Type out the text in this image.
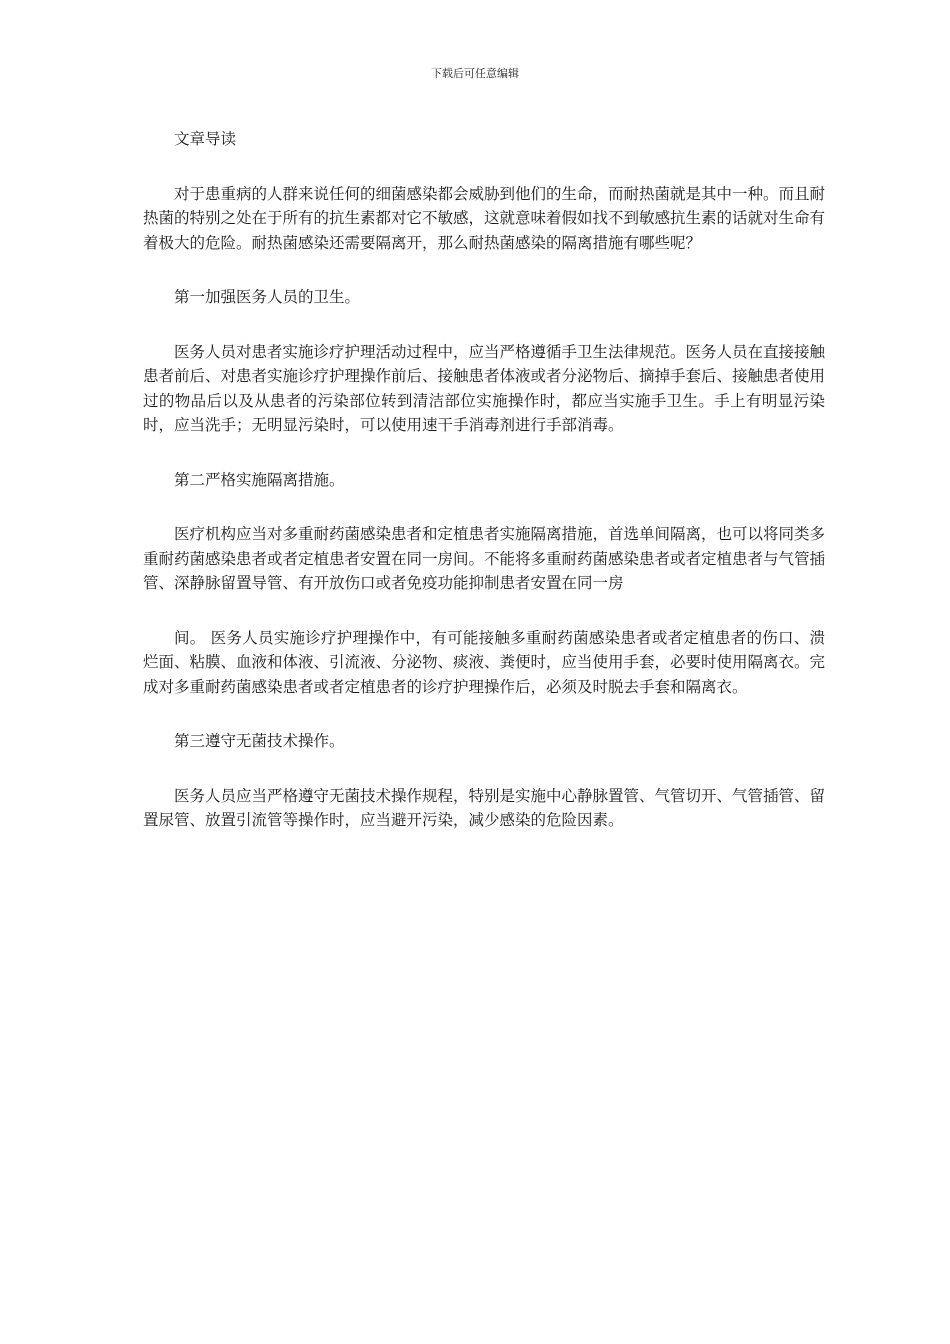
下载后可任意编辑

文章导读

对于患重病的人群来说任何的细菌感染都会威胁到他们的生命，而耐热菌就是其中一种。而且耐热菌的特别之处在于所有的抗生素都对它不敏感，这就意味着假如找不到敏感抗生素的话就对生命有着极大的危险。耐热菌感染还需要隔离开，那么耐热菌感染的隔离措施有哪些呢？

第一加强医务人员的卫生。

医务人员对患者实施诊疗护理活动过程中，应当严格遵循手卫生法律规范。医务人员在直接接触患者前后、对患者实施诊疗护理操作前后、接触患者体液或者分泌物后、摘掉手套后、接触患者使用过的物品后以及从患者的污染部位转到清洁部位实施操作时，都应当实施手卫生。手上有明显污染时，应当洗手；无明显污染时，可以使用速干手消毒剂进行手部消毒。

第二严格实施隔离措施。

医疗机构应当对多重耐药菌感染患者和定植患者实施隔离措施，首选单间隔离，也可以将同类多重耐药菌感染患者或者定植患者安置在同一房间。不能将多重耐药菌感染患者或者定植患者与气管插管、深静脉留置导管、有开放伤口或者免疫功能抑制患者安置在同一房

间。 医务人员实施诊疗护理操作中，有可能接触多重耐药菌感染患者或者定植患者的伤口、溃烂面、粘膜、血液和体液、引流液、分泌物、痰液、粪便时，应当使用手套，必要时使用隔离衣。完成对多重耐药菌感染患者或者定植患者的诊疗护理操作后，必须及时脱去手套和隔离衣。

第三遵守无菌技术操作。

医务人员应当严格遵守无菌技术操作规程，特别是实施中心静脉置管、气管切开、气管插管、留置尿管、放置引流管等操作时，应当避开污染，减少感染的危险因素。
